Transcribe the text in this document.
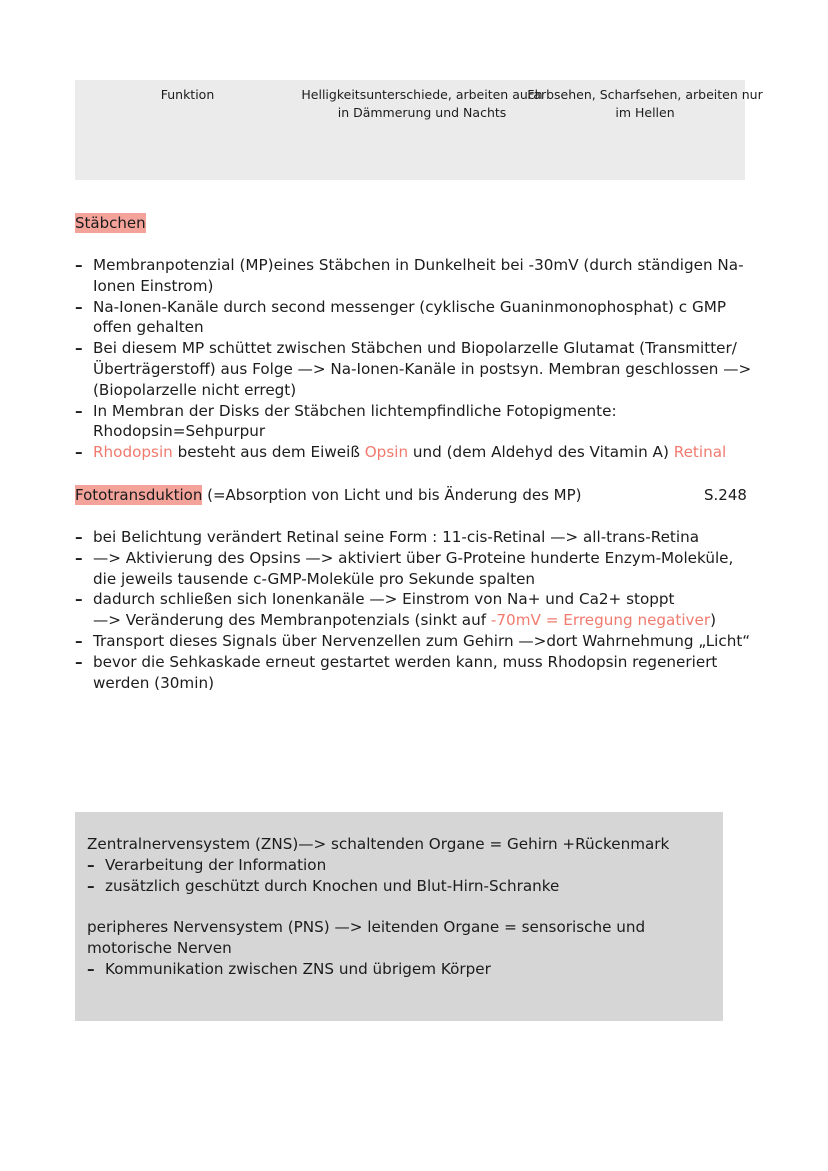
Funktion	Helligkeitsunterschiede, arbeiten auch in Dämmerung und Nachts
Farbsehen, Scharfsehen, arbeiten nur im Hellen
Stäbchen
– Membranpotenzial (MP)eines Stäbchen in Dunkelheit bei -30mV (durch ständigen Na-Ionen Einstrom)
– Na-Ionen-Kanäle durch second messenger (cyklische Guaninmonophosphat) c GMP offen gehalten
– Bei diesem MP schüttet zwischen Stäbchen und Biopolarzelle Glutamat (Transmitter/ Überträgerstoff) aus Folge —> Na-Ionen-Kanäle in postsyn. Membran geschlossen —> (Biopolarzelle nicht erregt)
– In Membran der Disks der Stäbchen lichtempfindliche Fotopigmente: Rhodopsin=Sehpurpur
– Rhodopsin besteht aus dem Eiweiß Opsin und (dem Aldehyd des Vitamin A) Retinal
Fototransduktion (=Absorption von Licht und bis Änderung des MP)	S.248
– bei Belichtung verändert Retinal seine Form : 11-cis-Retinal —> all-trans-Retina
– —> Aktivierung des Opsins —> aktiviert über G-Proteine hunderte Enzym-Moleküle, die jeweils tausende c-GMP-Moleküle pro Sekunde spalten
– dadurch schließen sich Ionenkanäle —> Einstrom von Na+ und Ca2+ stoppt
—> Veränderung des Membranpotenzials (sinkt auf -70mV = Erregung negativer)
– Transport dieses Signals über Nervenzellen zum Gehirn —>dort Wahrnehmung „Licht“
– bevor die Sehkaskade erneut gestartet werden kann, muss Rhodopsin regeneriert werden (30min)

Zentralnervensystem (ZNS)—> schaltenden Organe = Gehirn +Rückenmark

– Verarbeitung der Information

– zusätzlich geschützt durch Knochen und Blut-Hirn-Schranke

peripheres Nervensystem (PNS) —> leitenden Organe = sensorische und motorische Nerven

– Kommunikation zwischen ZNS und übrigem Körper
